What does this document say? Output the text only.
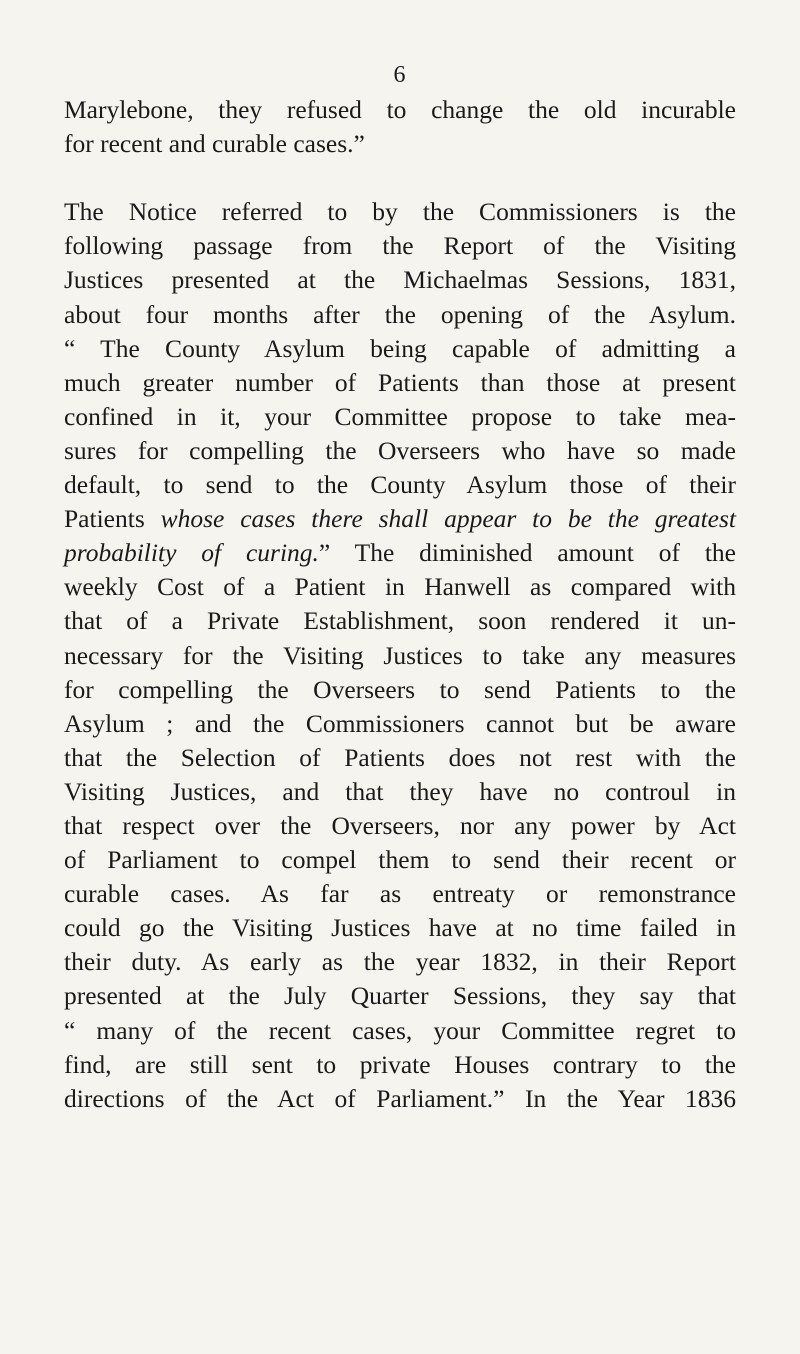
6
Marylebone, they refused to change the old incurable
for recent and curable cases.”
The Notice referred to by the Commissioners is the
following passage from the Report of the Visiting
Justices presented at the Michaelmas Sessions, 1831,
about four months after the opening of the Asylum.
“ The County Asylum being capable of admitting a
much greater number of Patients than those at present
confined in it, your Committee propose to take mea-
sures for compelling the Overseers who have so made
default, to send to the County Asylum those of their
Patients whose cases there shall appear to be the greatest
probability of curing.” The diminished amount of the
weekly Cost of a Patient in Hanwell as compared with
that of a Private Establishment, soon rendered it un-
necessary for the Visiting Justices to take any measures
for compelling the Overseers to send Patients to the
Asylum ; and the Commissioners cannot but be aware
that the Selection of Patients does not rest with the
Visiting Justices, and that they have no controul in
that respect over the Overseers, nor any power by Act
of Parliament to compel them to send their recent or
curable cases. As far as entreaty or remonstrance
could go the Visiting Justices have at no time failed in
their duty. As early as the year 1832, in their Report
presented at the July Quarter Sessions, they say that
“ many of the recent cases, your Committee regret to
find, are still sent to private Houses contrary to the
directions of the Act of Parliament.” In the Year 1836
